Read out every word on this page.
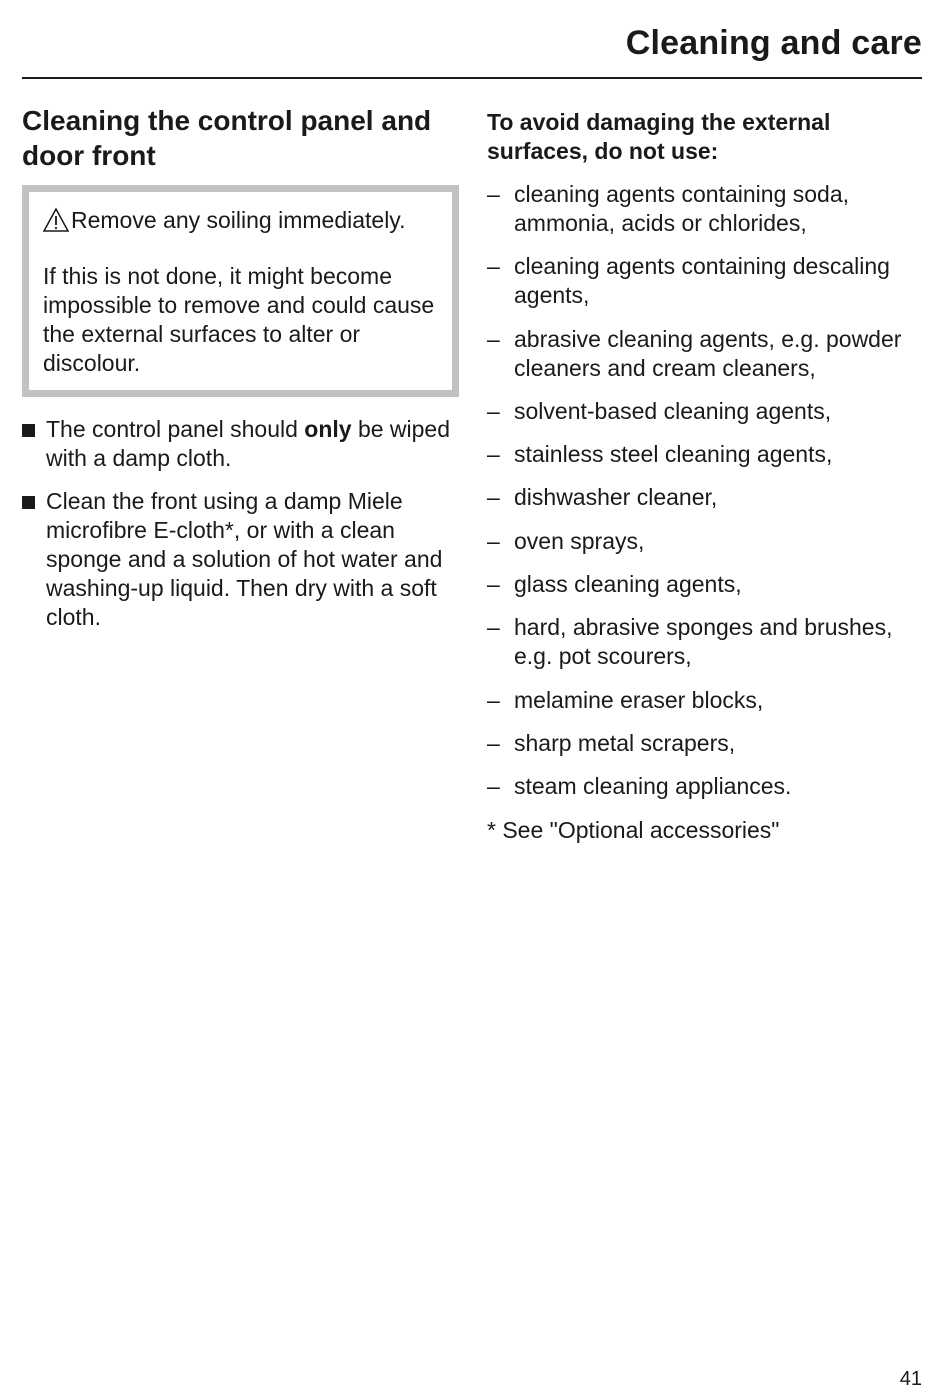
Cleaning and care
Cleaning the control panel and door front
Remove any soiling immediately.

If this is not done, it might become impossible to remove and could cause the external surfaces to alter or discolour.

The control panel should only be wiped with a damp cloth.
Clean the front using a damp Miele microfibre E-cloth*, or with a clean sponge and a solution of hot water and washing-up liquid. Then dry with a soft cloth.
To avoid damaging the external surfaces, do not use:
– cleaning agents containing soda, ammonia, acids or chlorides,
– cleaning agents containing descaling agents,
– abrasive cleaning agents, e.g. powder cleaners and cream cleaners,
– solvent-based cleaning agents,
– stainless steel cleaning agents,
– dishwasher cleaner,
– oven sprays,
– glass cleaning agents,
– hard, abrasive sponges and brushes, e.g. pot scourers,
– melamine eraser blocks,
– sharp metal scrapers,
– steam cleaning appliances.

* See "Optional accessories"

41
